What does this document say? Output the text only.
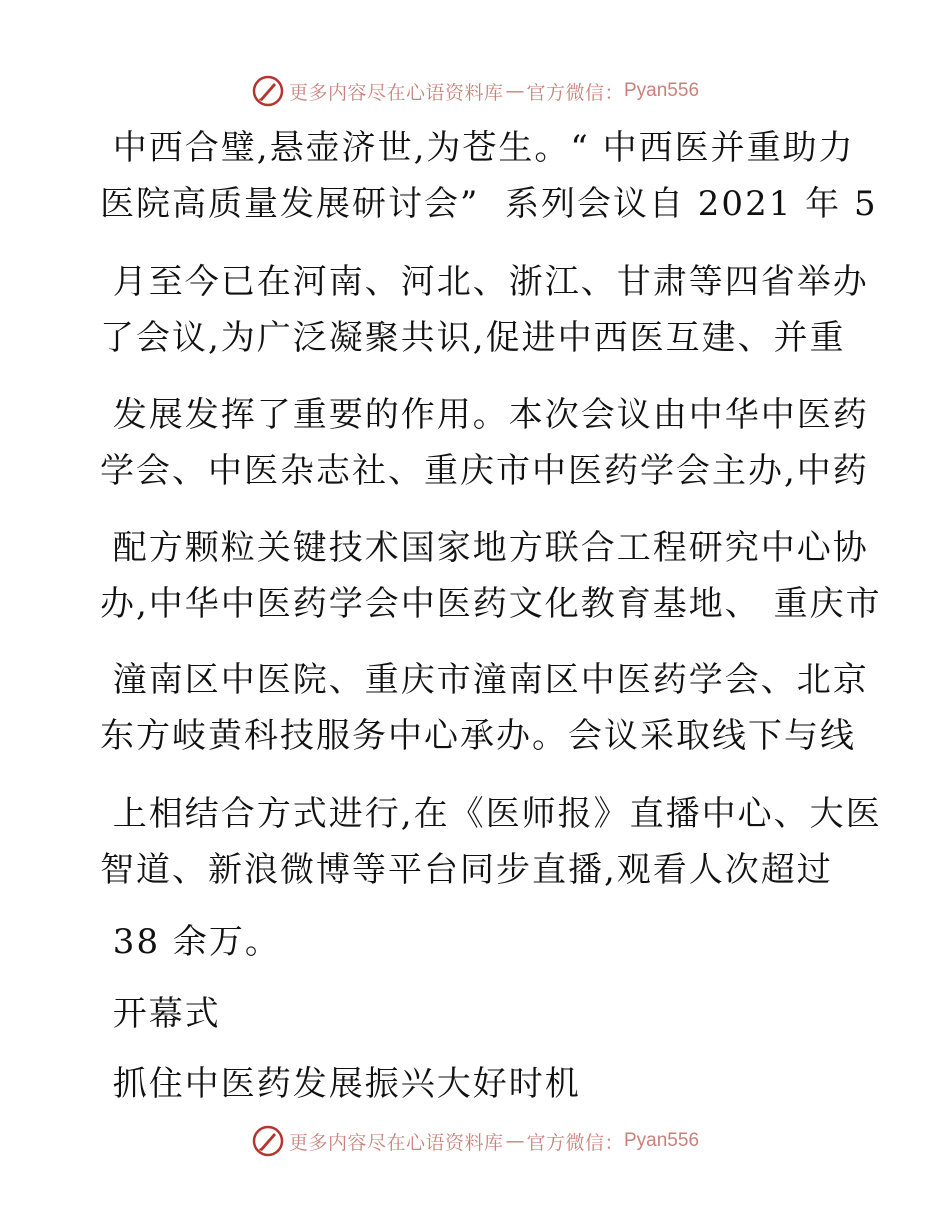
更多内容尽在心语资料库 — 官方微信： Pyan556
中西合璧,悬壶济世,为苍生。“ 中西医并重助力
医院高质量发展研讨会”  系列会议自 2021 年 5
月至今已在河南、河北、浙江、甘肃等四省举办
了会议,为广泛凝聚共识,促进中西医互建、并重
发展发挥了重要的作用。本次会议由中华中医药
学会、中医杂志社、重庆市中医药学会主办,中药
配方颗粒关键技术国家地方联合工程研究中心协
办,中华中医药学会中医药文化教育基地、 重庆市
潼南区中医院、重庆市潼南区中医药学会、北京
东方岐黄科技服务中心承办。会议采取线下与线
上相结合方式进行,在《医师报》直播中心、大医
智道、新浪微博等平台同步直播,观看人次超过
38 余万。
开幕式
抓住中医药发展振兴大好时机
更多内容尽在心语资料库 — 官方微信： Pyan556
